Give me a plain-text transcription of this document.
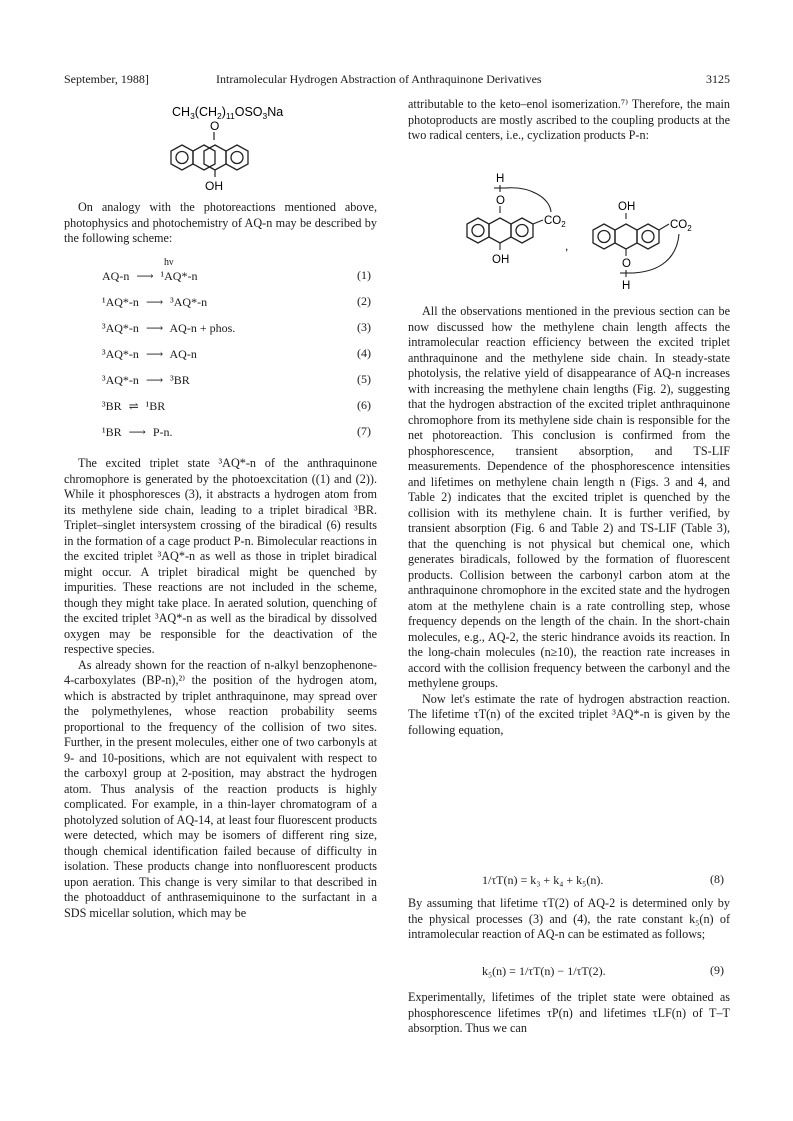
September, 1988]	Intramolecular Hydrogen Abstraction of Anthraquinone Derivatives	3125
$CH_3(CH_2)_{11}OSO_3Na$
O
OH

On analogy with the photoreactions mentioned above, photophysics and photochemistry of AQ-n may be described by the following scheme:

hν
AQ-n ⟶ ¹AQ*-n	(1)
¹AQ*-n ⟶ ³AQ*-n	(2)
³AQ*-n ⟶ AQ-n + phos.	(3)
³AQ*-n ⟶ AQ-n	(4)
³AQ*-n ⟶ ³BR	(5)
³BR ⇌ ¹BR	(6)
¹BR ⟶ P-n.	(7)

The excited triplet state ³AQ*-n of the anthraquinone chromophore is generated by the photoexcitation ((1) and (2)). While it phosphoresces (3), it abstracts a hydrogen atom from its methylene side chain, leading to a triplet biradical ³BR. Triplet–singlet intersystem crossing of the biradical (6) results in the formation of a cage product P-n. Bimolecular reactions in the excited triplet ³AQ*-n as well as those in triplet biradical might occur. A triplet biradical might be quenched by impurities. These reactions are not included in the scheme, though they might take place. In aerated solution, quenching of the excited triplet ³AQ*-n as well as the biradical by dissolved oxygen may be responsible for the deactivation of the respective species.

As already shown for the reaction of n-alkyl benzophenone-4-carboxylates (BP-n),²⁾ the position of the hydrogen atom, which is abstracted by triplet anthraquinone, may spread over the polymethylenes, whose reaction probability seems proportional to the frequency of the collision of two sites. Further, in the present molecules, either one of two carbonyls at 9- and 10-positions, which are not equivalent with respect to the carboxyl group at 2-position, may abstract the hydrogen atom. Thus analysis of the reaction products is highly complicated. For example, in a thin-layer chromatogram of a photolyzed solution of AQ-14, at least four fluorescent products were detected, which may be isomers of different ring size, though chemical identification failed because of difficulty in isolation. These products change into nonfluorescent products upon aeration. This change is very similar to that described in the photoadduct of anthrasemiquinone to the surfactant in a SDS micellar solution, which may be

attributable to the keto–enol isomerization.⁷⁾ Therefore, the main photoproducts are mostly ascribed to the coupling products at the two radical centers, i.e., cyclization products P-n:

H
O
$CO_2$
OH
,
OH
$CO_2$
O
H

All the observations mentioned in the previous section can be now discussed how the methylene chain length affects the intramolecular reaction efficiency between the excited triplet anthraquinone and the methylene side chain. In steady-state photolysis, the relative yield of disappearance of AQ-n increases with increasing the methylene chain lengths (Fig. 2), suggesting that the hydrogen abstraction of the excited triplet anthraquinone chromophore from its methylene side chain is responsible for the net photoreaction. This conclusion is confirmed from the phosphorescence, transient absorption, and TS-LIF measurements. Dependence of the phosphorescence intensities and lifetimes on methylene chain length n (Figs. 3 and 4, and Table 2) indicates that the excited triplet is quenched by the collision with its methylene chain. It is further verified, by transient absorption (Fig. 6 and Table 2) and TS-LIF (Table 3), that the quenching is not physical but chemical one, which generates biradicals, followed by the formation of fluorescent products. Collision between the carbonyl carbon atom at the anthraquinone chromophore in the excited state and the hydrogen atom at the methylene chain is a rate controlling step, whose frequency depends on the length of the chain. In the short-chain molecules, e.g., AQ-2, the steric hindrance avoids its reaction. In the long-chain molecules (n≥10), the reaction rate increases in accord with the collision frequency between the carbonyl and the methylene groups.

Now let's estimate the rate of hydrogen abstraction reaction. The lifetime τT(n) of the excited triplet ³AQ*-n is given by the following equation,

1/τT(n) = k₃ + k₄ + k₅(n).	(8)

By assuming that lifetime τT(2) of AQ-2 is determined only by the physical processes (3) and (4), the rate constant k₅(n) of intramolecular reaction of AQ-n can be estimated as follows;

k₅(n) = 1/τT(n) − 1/τT(2).	(9)

Experimentally, lifetimes of the triplet state were obtained as phosphorescence lifetimes τP(n) and lifetimes τLF(n) of T–T absorption. Thus we can
